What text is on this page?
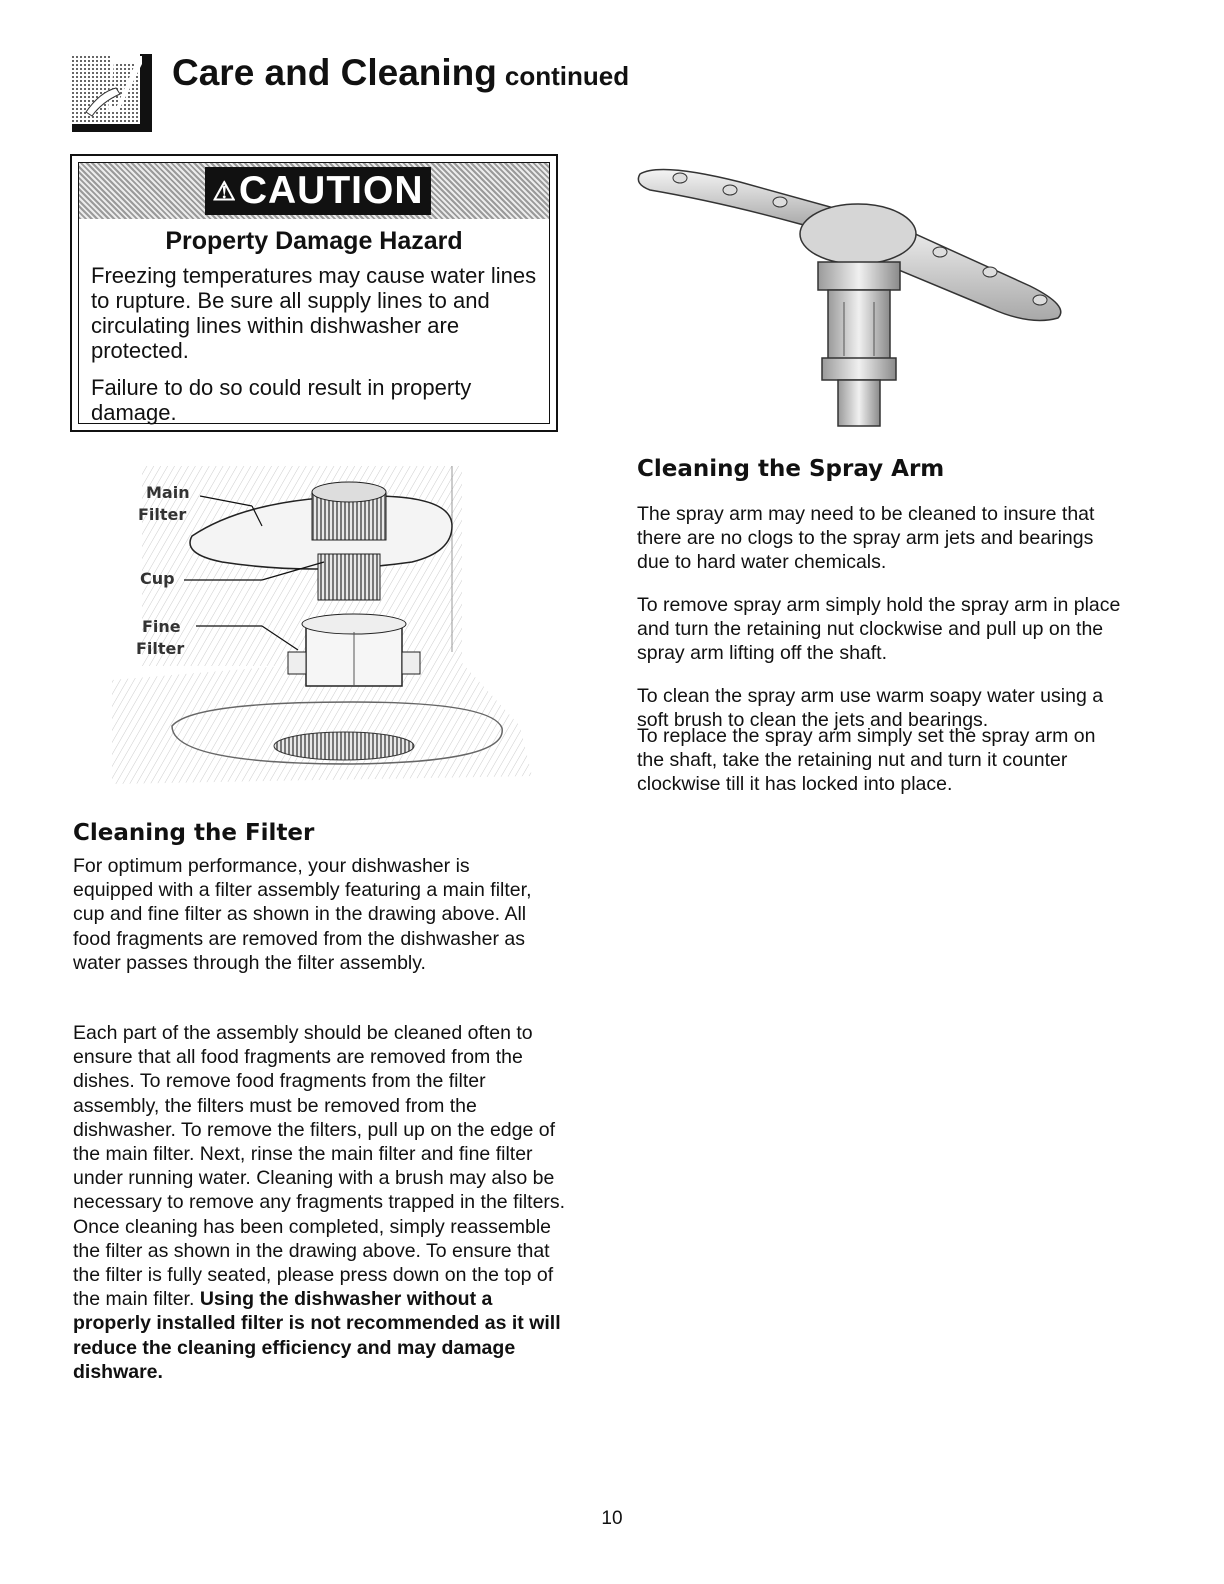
Care and Cleaning continued
⚠CAUTION
Property Damage Hazard
Freezing temperatures may cause water lines to rupture. Be sure all supply lines to and circulating lines within dishwasher are protected.
Failure to do so could result in property damage.
Main
Filter
Cup
Fine
Filter
Cleaning the Filter
For optimum performance, your dishwasher is equipped with a filter assembly featuring a main filter, cup and fine filter as shown in the drawing above. All food fragments are removed from the dishwasher as water passes through the filter assembly.
Each part of the assembly should be cleaned often to ensure that all food fragments are removed from the dishes. To remove food fragments from the filter assembly, the filters must be removed from the dishwasher. To remove the filters, pull up on the edge of the main filter. Next, rinse the main filter and fine filter under running water. Cleaning with a brush may also be necessary to remove any fragments trapped in the filters. Once cleaning has been completed, simply reassemble the filter as shown in the drawing above. To ensure that the filter is fully seated, please press down on the top of the main filter. Using the dishwasher without a properly installed filter is not recommended as it will reduce the cleaning efficiency and may damage dishware.
Cleaning the Spray Arm
The spray arm may need to be cleaned to insure that there are no clogs to the spray arm jets and bearings due to hard water chemicals.
To remove spray arm simply hold the spray arm in place and turn the retaining nut clockwise and pull up on the spray arm lifting off the shaft.
To clean the spray arm use warm soapy water using a soft brush to clean the jets and bearings.
To replace the spray arm simply set the spray arm on the shaft, take the retaining nut and turn it counter clockwise till it has locked into place.
10
